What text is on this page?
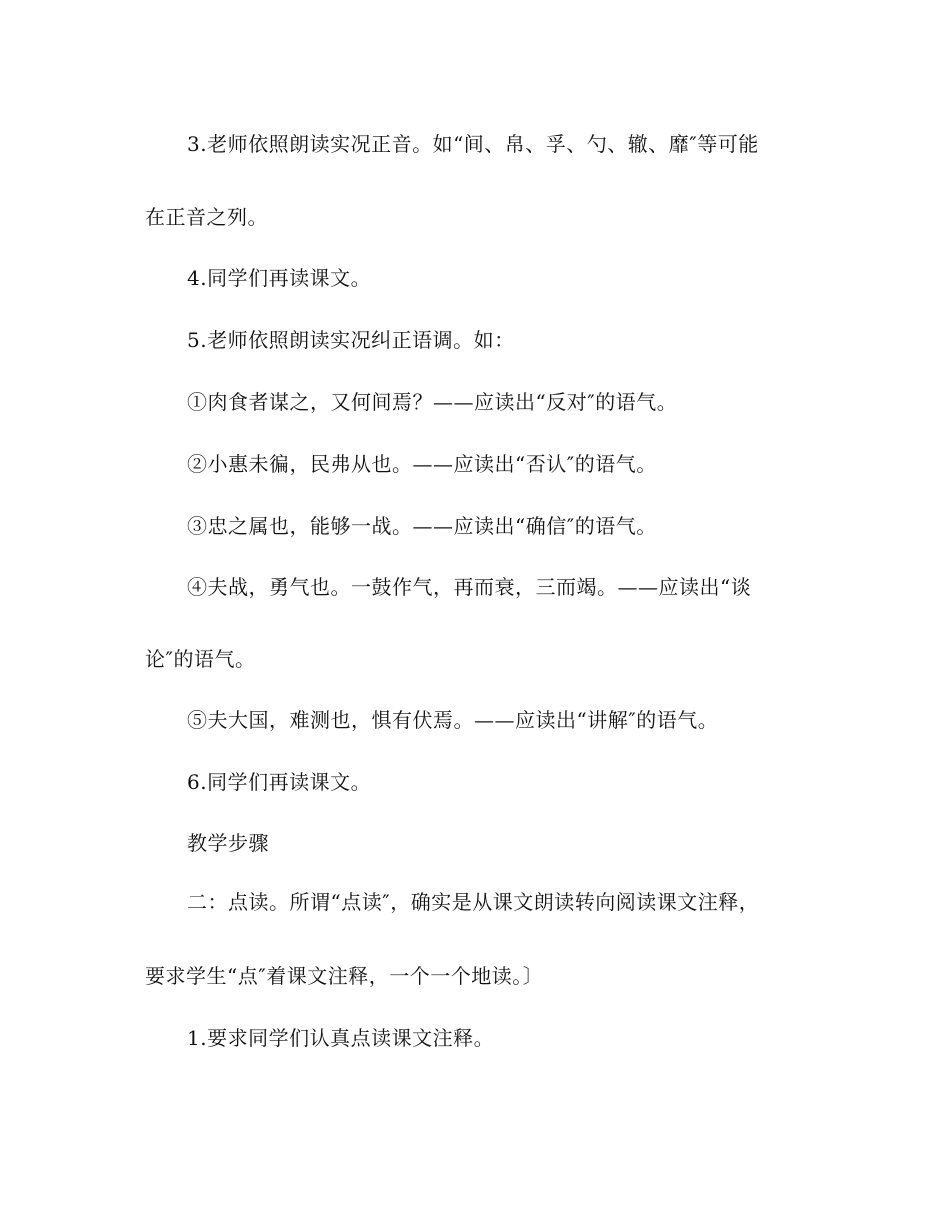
3.老师依照朗读实况正音。如“间、帛、孚、勺、辙、靡″等可能
在正音之列。
4.同学们再读课文。
5.老师依照朗读实况纠正语调。如：
①肉食者谋之，又何间焉？——应读出“反对″的语气。
②小惠未徧，民弗从也。——应读出“否认″的语气。
③忠之属也，能够一战。——应读出“确信″的语气。
④夫战，勇气也。一鼓作气，再而衰，三而竭。——应读出“谈
论″的语气。
⑤夫大国，难测也，惧有伏焉。——应读出“讲解″的语气。
6.同学们再读课文。
教学步骤
二：点读。所谓“点读″，确实是从课文朗读转向阅读课文注释，
要求学生“点″着课文注释，一个一个地读。〕
1.要求同学们认真点读课文注释。
